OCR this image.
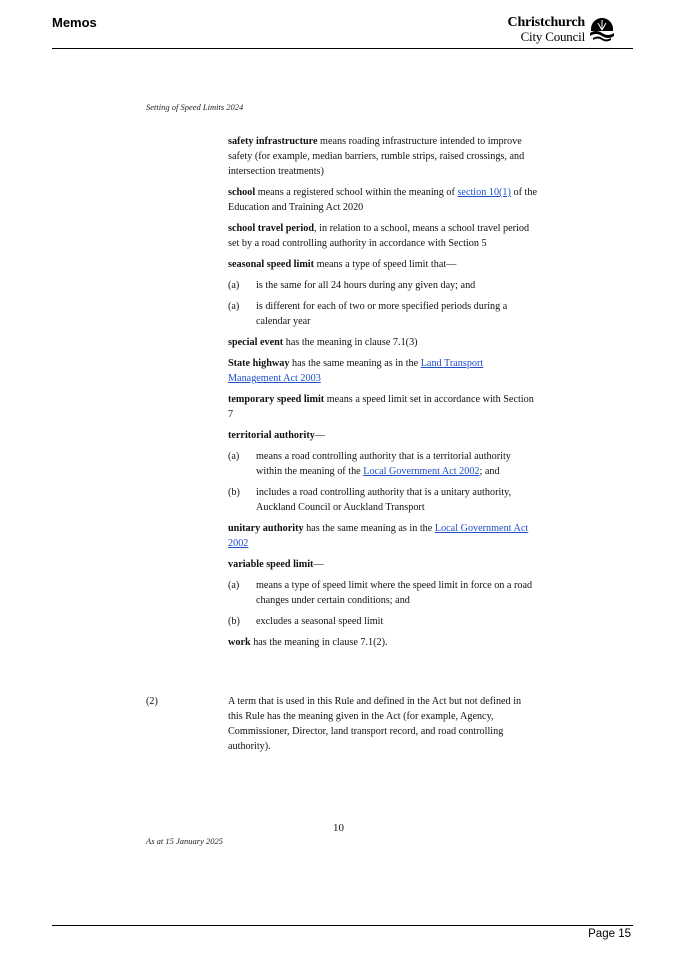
Memos	Christchurch
City Council
Setting of Speed Limits 2024

safety infrastructure means roading infrastructure intended to improve safety (for example, median barriers, rumble strips, raised crossings, and intersection treatments)

school means a registered school within the meaning of section 10(1) of the Education and Training Act 2020

school travel period, in relation to a school, means a school travel period set by a road controlling authority in accordance with Section 5

seasonal speed limit means a type of speed limit that—

(a)	is the same for all 24 hours during any given day; and
(a)	is different for each of two or more specified periods during a calendar year

special event has the meaning in clause 7.1(3)

State highway has the same meaning as in the Land Transport Management Act 2003

temporary speed limit means a speed limit set in accordance with Section 7

territorial authority—

(a)	means a road controlling authority that is a territorial authority within the meaning of the Local Government Act 2002; and
(b)	includes a road controlling authority that is a unitary authority, Auckland Council or Auckland Transport

unitary authority has the same meaning as in the Local Government Act 2002

variable speed limit—

(a)	means a type of speed limit where the speed limit in force on a road changes under certain conditions; and
(b)	excludes a seasonal speed limit

work has the meaning in clause 7.1(2).

(2)	A term that is used in this Rule and defined in the Act but not defined in this Rule has the meaning given in the Act (for example, Agency, Commissioner, Director, land transport record, and road controlling authority).
10
As at 15 January 2025
Page 15
